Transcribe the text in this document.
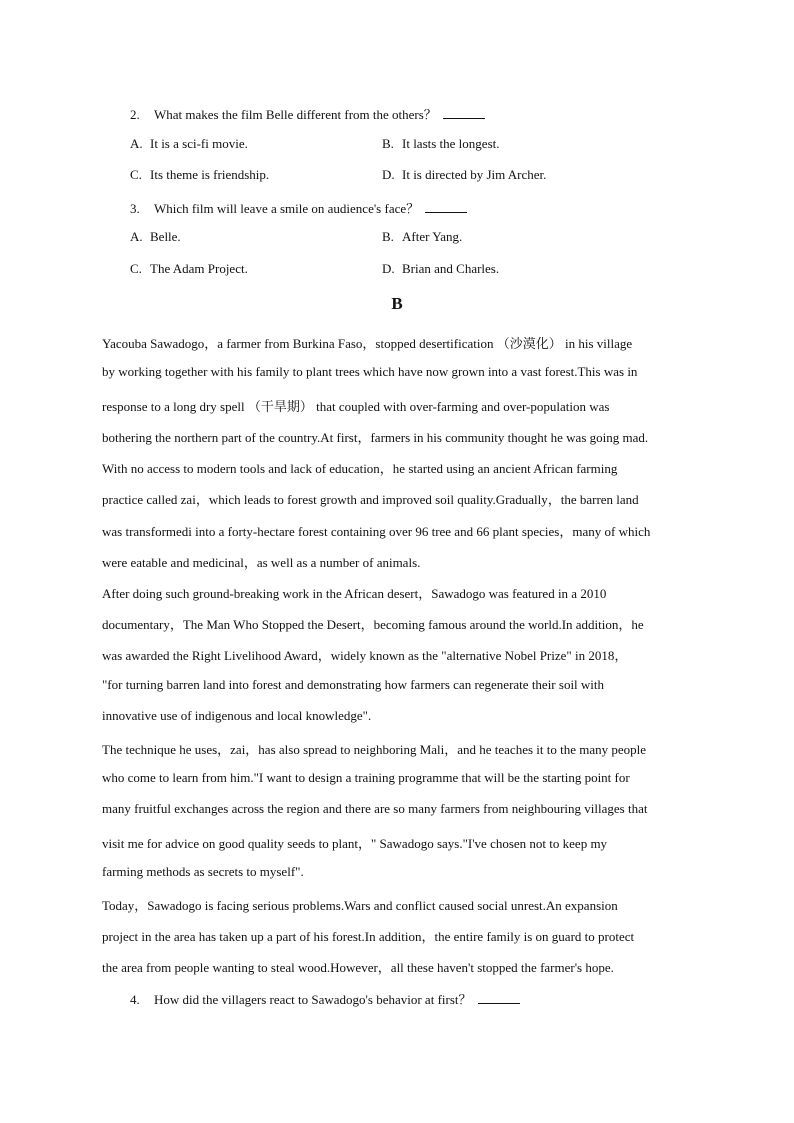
2. What makes the film Belle different from the others？
A. It is a sci-fi movie.	B. It lasts the longest.
C. Its theme is friendship.	D. It is directed by Jim Archer.
3. Which film will leave a smile on audience's face？
A. Belle.	B. After Yang.
C. The Adam Project.	D. Brian and Charles.
B
Yacouba Sawadogo，a farmer from Burkina Faso，stopped desertification （沙漠化） in his village
by working together with his family to plant trees which have now grown into a vast forest.This was in
response to a long dry spell （干旱期） that coupled with over-farming and over-population was
bothering the northern part of the country.At first，farmers in his community thought he was going mad.
With no access to modern tools and lack of education，he started using an ancient African farming
practice called zai，which leads to forest growth and improved soil quality.Gradually，the barren land
was transformedi into a forty-hectare forest containing over 96 tree and 66 plant species，many of which
were eatable and medicinal，as well as a number of animals.
After doing such ground-breaking work in the African desert，Sawadogo was featured in a 2010
documentary，The Man Who Stopped the Desert，becoming famous around the world.In addition，he
was awarded the Right Livelihood Award，widely known as the "alternative Nobel Prize" in 2018，
"for turning barren land into forest and demonstrating how farmers can regenerate their soil with
innovative use of indigenous and local knowledge".
The technique he uses，zai，has also spread to neighboring Mali，and he teaches it to the many people
who come to learn from him."I want to design a training programme that will be the starting point for
many fruitful exchanges across the region and there are so many farmers from neighbouring villages that
visit me for advice on good quality seeds to plant，" Sawadogo says."I've chosen not to keep my
farming methods as secrets to myself".
Today，Sawadogo is facing serious problems.Wars and conflict caused social unrest.An expansion
project in the area has taken up a part of his forest.In addition，the entire family is on guard to protect
the area from people wanting to steal wood.However，all these haven't stopped the farmer's hope.
4. How did the villagers react to Sawadogo's behavior at first？
